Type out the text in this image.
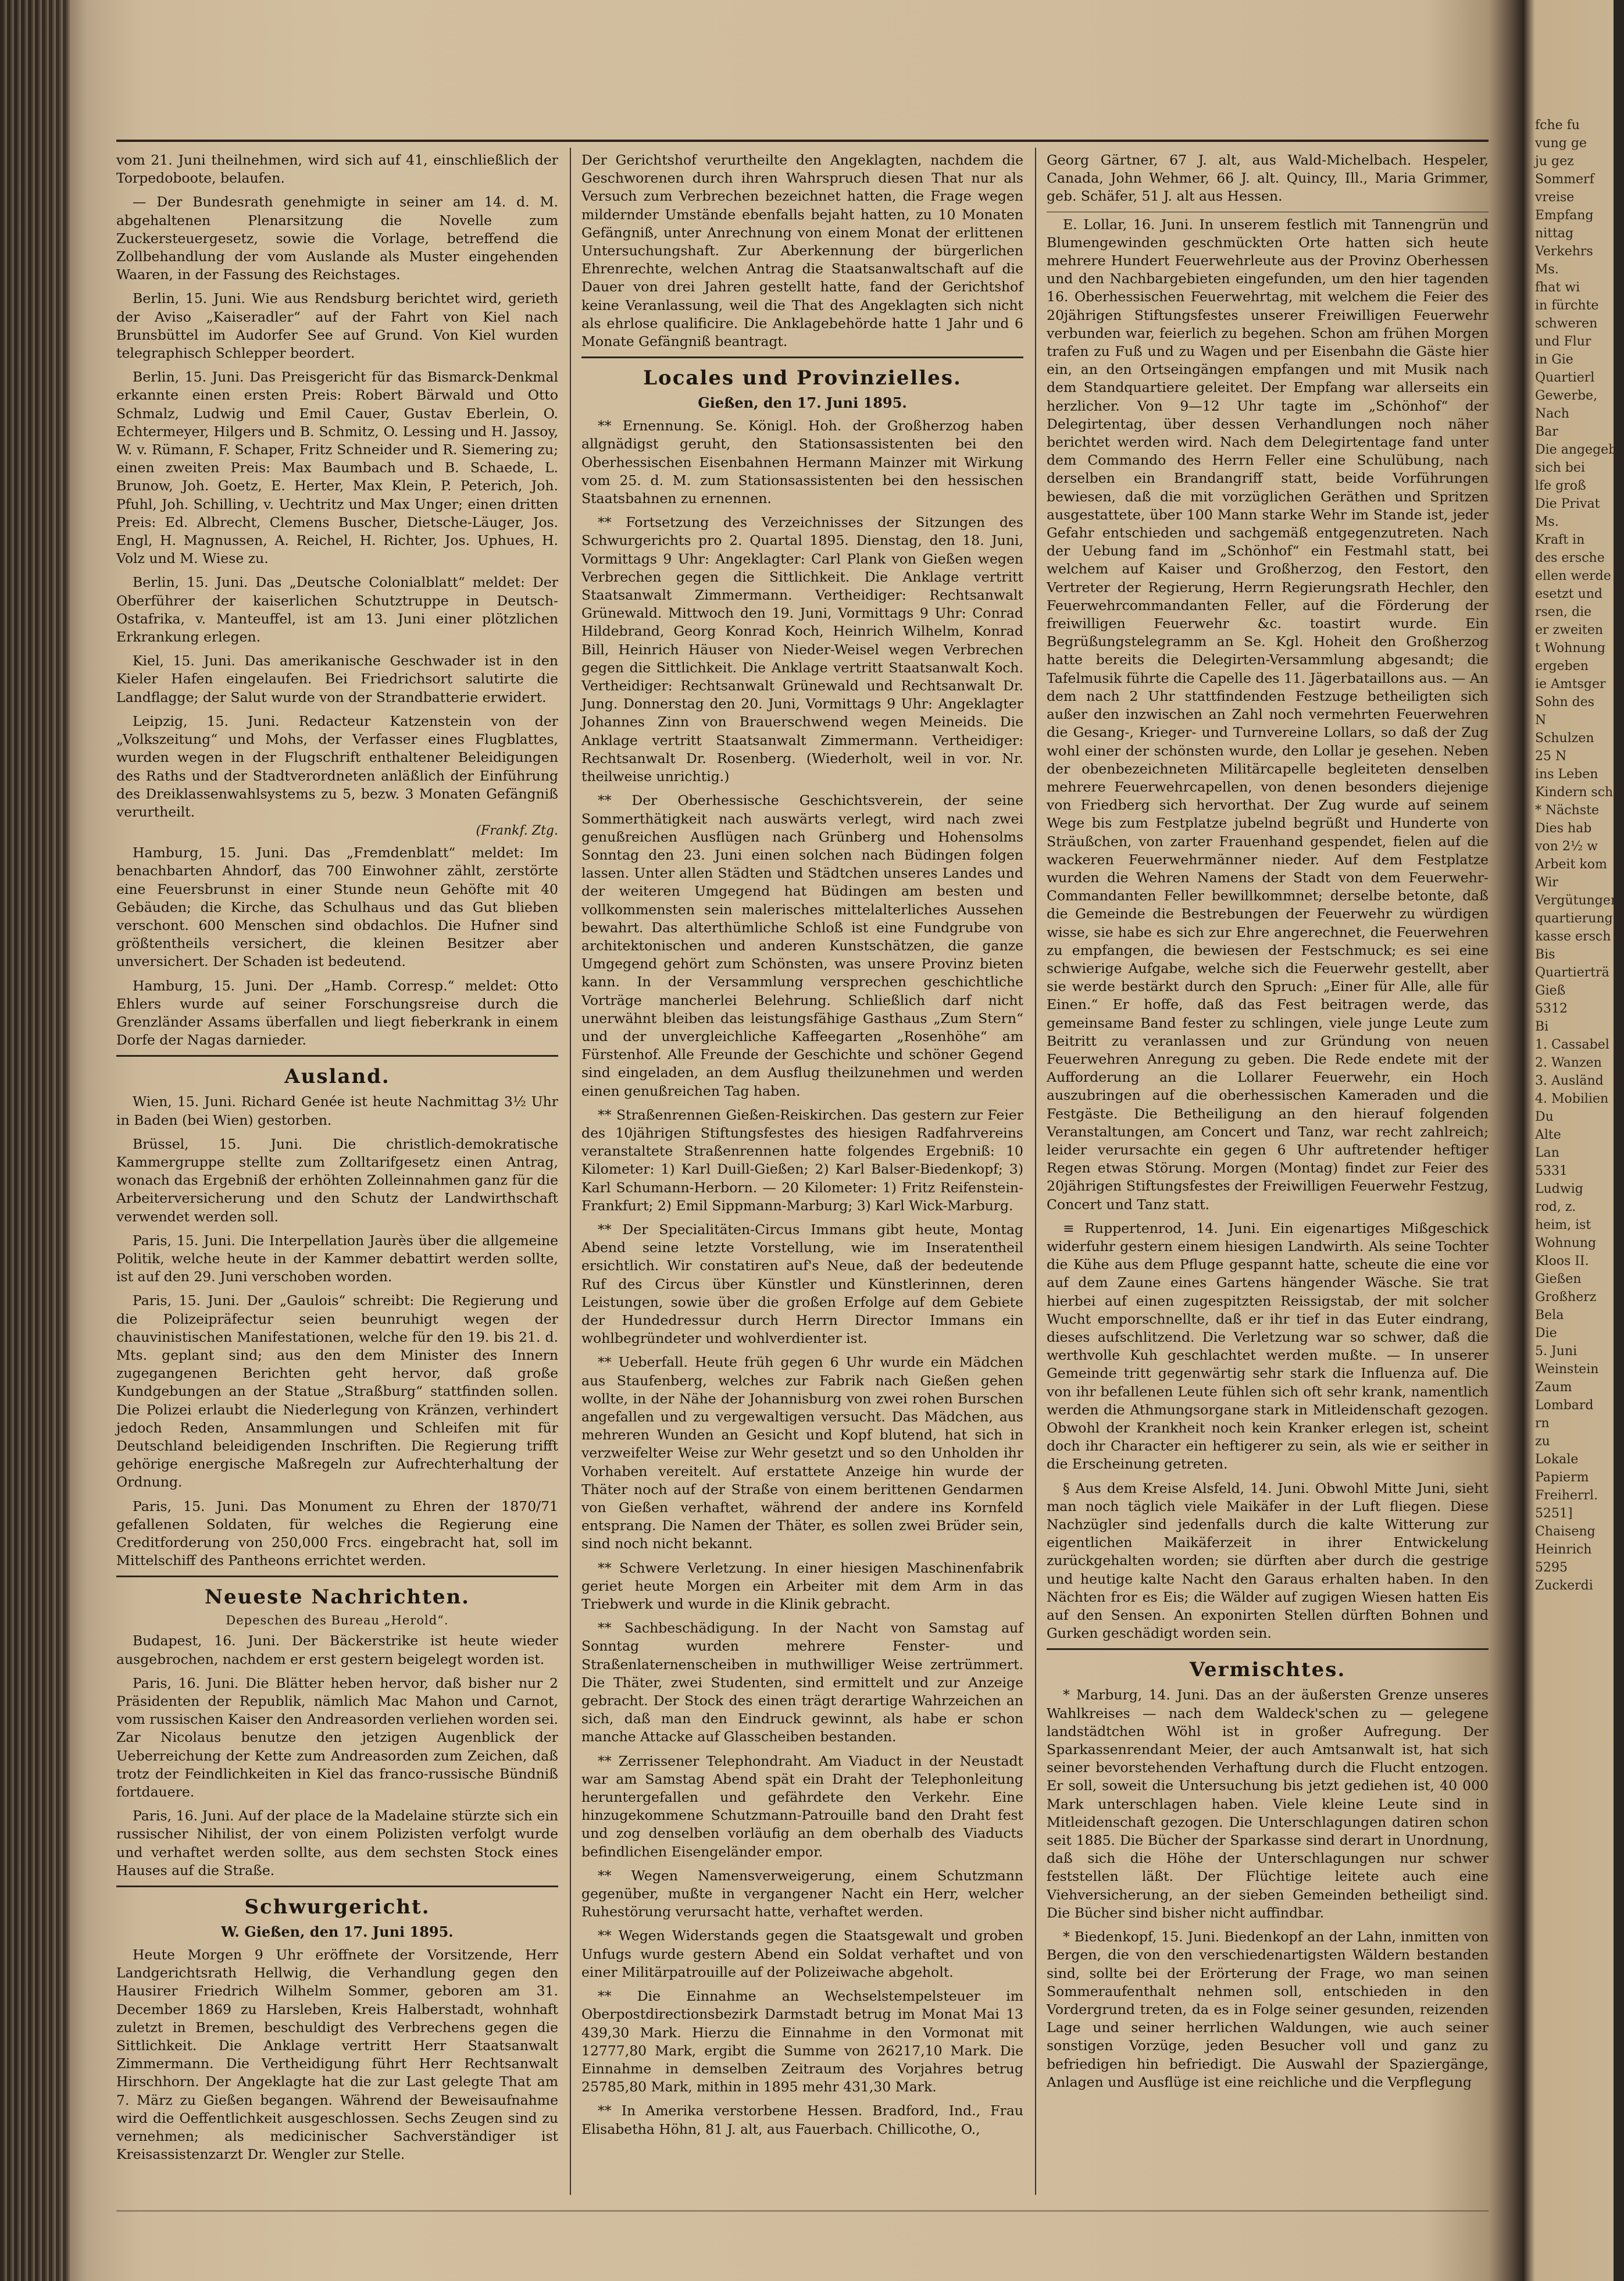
vom 21. Juni theilnehmen, wird sich auf 41, einschließlich der Torpedoboote, belaufen.

— Der Bundesrath genehmigte in seiner am 14. d. M. abgehaltenen Plenarsitzung die Novelle zum Zuckersteuergesetz, sowie die Vorlage, betreffend die Zollbehandlung der vom Auslande als Muster eingehenden Waaren, in der Fassung des Reichstages.

Berlin, 15. Juni. Wie aus Rendsburg berichtet wird, gerieth der Aviso „Kaiseradler“ auf der Fahrt von Kiel nach Brunsbüttel im Audorfer See auf Grund. Von Kiel wurden telegraphisch Schlepper beordert.

Berlin, 15. Juni. Das Preisgericht für das Bismarck-Denkmal erkannte einen ersten Preis: Robert Bärwald und Otto Schmalz, Ludwig und Emil Cauer, Gustav Eberlein, O. Echtermeyer, Hilgers und B. Schmitz, O. Lessing und H. Jassoy, W. v. Rümann, F. Schaper, Fritz Schneider und R. Siemering zu; einen zweiten Preis: Max Baumbach und B. Schaede, L. Brunow, Joh. Goetz, E. Herter, Max Klein, P. Peterich, Joh. Pfuhl, Joh. Schilling, v. Uechtritz und Max Unger; einen dritten Preis: Ed. Albrecht, Clemens Buscher, Dietsche-Läuger, Jos. Engl, H. Magnussen, A. Reichel, H. Richter, Jos. Uphues, H. Volz und M. Wiese zu.

Berlin, 15. Juni. Das „Deutsche Colonialblatt“ meldet: Der Oberführer der kaiserlichen Schutztruppe in Deutsch-Ostafrika, v. Manteuffel, ist am 13. Juni einer plötzlichen Erkrankung erlegen.

Kiel, 15. Juni. Das amerikanische Geschwader ist in den Kieler Hafen eingelaufen. Bei Friedrichsort salutirte die Landflagge; der Salut wurde von der Strandbatterie erwidert.

Leipzig, 15. Juni. Redacteur Katzenstein von der „Volkszeitung“ und Mohs, der Verfasser eines Flugblattes, wurden wegen in der Flugschrift enthaltener Beleidigungen des Raths und der Stadtverordneten anläßlich der Einführung des Dreiklassenwahlsystems zu 5, bezw. 3 Monaten Gefängniß verurtheilt.

(Frankf. Ztg.

Hamburg, 15. Juni. Das „Fremdenblatt“ meldet: Im benachbarten Ahndorf, das 700 Einwohner zählt, zerstörte eine Feuersbrunst in einer Stunde neun Gehöfte mit 40 Gebäuden; die Kirche, das Schulhaus und das Gut blieben verschont. 600 Menschen sind obdachlos. Die Hufner sind größtentheils versichert, die kleinen Besitzer aber unversichert. Der Schaden ist bedeutend.

Hamburg, 15. Juni. Der „Hamb. Corresp.“ meldet: Otto Ehlers wurde auf seiner Forschungsreise durch die Grenzländer Assams überfallen und liegt fieberkrank in einem Dorfe der Nagas darnieder.

Ausland.

Wien, 15. Juni. Richard Genée ist heute Nachmittag 3½ Uhr in Baden (bei Wien) gestorben.

Brüssel, 15. Juni. Die christlich-demokratische Kammergruppe stellte zum Zolltarifgesetz einen Antrag, wonach das Ergebniß der erhöhten Zolleinnahmen ganz für die Arbeiterversicherung und den Schutz der Landwirthschaft verwendet werden soll.

Paris, 15. Juni. Die Interpellation Jaurès über die allgemeine Politik, welche heute in der Kammer debattirt werden sollte, ist auf den 29. Juni verschoben worden.

Paris, 15. Juni. Der „Gaulois“ schreibt: Die Regierung und die Polizeipräfectur seien beunruhigt wegen der chauvinistischen Manifestationen, welche für den 19. bis 21. d. Mts. geplant sind; aus den dem Minister des Innern zugegangenen Berichten geht hervor, daß große Kundgebungen an der Statue „Straßburg“ stattfinden sollen. Die Polizei erlaubt die Niederlegung von Kränzen, verhindert jedoch Reden, Ansammlungen und Schleifen mit für Deutschland beleidigenden Inschriften. Die Regierung trifft gehörige energische Maßregeln zur Aufrechterhaltung der Ordnung.

Paris, 15. Juni. Das Monument zu Ehren der 1870/71 gefallenen Soldaten, für welches die Regierung eine Creditforderung von 250,000 Frcs. eingebracht hat, soll im Mittelschiff des Pantheons errichtet werden.

Neueste Nachrichten.
Depeschen des Bureau „Herold“.

Budapest, 16. Juni. Der Bäckerstrike ist heute wieder ausgebrochen, nachdem er erst gestern beigelegt worden ist.

Paris, 16. Juni. Die Blätter heben hervor, daß bisher nur 2 Präsidenten der Republik, nämlich Mac Mahon und Carnot, vom russischen Kaiser den Andreasorden verliehen worden sei. Zar Nicolaus benutze den jetzigen Augenblick der Ueberreichung der Kette zum Andreasorden zum Zeichen, daß trotz der Feindlichkeiten in Kiel das franco-russische Bündniß fortdauere.

Paris, 16. Juni. Auf der place de la Madelaine stürzte sich ein russischer Nihilist, der von einem Polizisten verfolgt wurde und verhaftet werden sollte, aus dem sechsten Stock eines Hauses auf die Straße.

Schwurgericht.
W. Gießen, den 17. Juni 1895.

Heute Morgen 9 Uhr eröffnete der Vorsitzende, Herr Landgerichtsrath Hellwig, die Verhandlung gegen den Hausirer Friedrich Wilhelm Sommer, geboren am 31. December 1869 zu Harsleben, Kreis Halberstadt, wohnhaft zuletzt in Bremen, beschuldigt des Verbrechens gegen die Sittlichkeit. Die Anklage vertritt Herr Staatsanwalt Zimmermann. Die Vertheidigung führt Herr Rechtsanwalt Hirschhorn. Der Angeklagte hat die zur Last gelegte That am 7. März zu Gießen begangen. Während der Beweisaufnahme wird die Oeffentlichkeit ausgeschlossen. Sechs Zeugen sind zu vernehmen; als medicinischer Sachverständiger ist Kreisassistenzarzt Dr. Wengler zur Stelle.

Der Gerichtshof verurtheilte den Angeklagten, nachdem die Geschworenen durch ihren Wahrspruch diesen That nur als Versuch zum Verbrechen bezeichnet hatten, die Frage wegen mildernder Umstände ebenfalls bejaht hatten, zu 10 Monaten Gefängniß, unter Anrechnung von einem Monat der erlittenen Untersuchungshaft. Zur Aberkennung der bürgerlichen Ehrenrechte, welchen Antrag die Staatsanwaltschaft auf die Dauer von drei Jahren gestellt hatte, fand der Gerichtshof keine Veranlassung, weil die That des Angeklagten sich nicht als ehrlose qualificire. Die Anklagebehörde hatte 1 Jahr und 6 Monate Gefängniß beantragt.

Locales und Provinzielles.
Gießen, den 17. Juni 1895.

** Ernennung. Se. Königl. Hoh. der Großherzog haben allgnädigst geruht, den Stationsassistenten bei den Oberhessischen Eisenbahnen Hermann Mainzer mit Wirkung vom 25. d. M. zum Stationsassistenten bei den hessischen Staatsbahnen zu ernennen.

** Fortsetzung des Verzeichnisses der Sitzungen des Schwurgerichts pro 2. Quartal 1895. Dienstag, den 18. Juni, Vormittags 9 Uhr: Angeklagter: Carl Plank von Gießen wegen Verbrechen gegen die Sittlichkeit. Die Anklage vertritt Staatsanwalt Zimmermann. Vertheidiger: Rechtsanwalt Grünewald. Mittwoch den 19. Juni, Vormittags 9 Uhr: Conrad Hildebrand, Georg Konrad Koch, Heinrich Wilhelm, Konrad Bill, Heinrich Häuser von Nieder-Weisel wegen Verbrechen gegen die Sittlichkeit. Die Anklage vertritt Staatsanwalt Koch. Vertheidiger: Rechtsanwalt Grünewald und Rechtsanwalt Dr. Jung. Donnerstag den 20. Juni, Vormittags 9 Uhr: Angeklagter Johannes Zinn von Brauerschwend wegen Meineids. Die Anklage vertritt Staatsanwalt Zimmermann. Vertheidiger: Rechtsanwalt Dr. Rosenberg. (Wiederholt, weil in vor. Nr. theilweise unrichtig.)

** Der Oberhessische Geschichtsverein, der seine Sommerthätigkeit nach auswärts verlegt, wird nach zwei genußreichen Ausflügen nach Grünberg und Hohensolms Sonntag den 23. Juni einen solchen nach Büdingen folgen lassen. Unter allen Städten und Städtchen unseres Landes und der weiteren Umgegend hat Büdingen am besten und vollkommensten sein malerisches mittelalterliches Aussehen bewahrt. Das alterthümliche Schloß ist eine Fundgrube von architektonischen und anderen Kunstschätzen, die ganze Umgegend gehört zum Schönsten, was unsere Provinz bieten kann. In der Versammlung versprechen geschichtliche Vorträge mancherlei Belehrung. Schließlich darf nicht unerwähnt bleiben das leistungsfähige Gasthaus „Zum Stern“ und der unvergleichliche Kaffeegarten „Rosenhöhe“ am Fürstenhof. Alle Freunde der Geschichte und schöner Gegend sind eingeladen, an dem Ausflug theilzunehmen und werden einen genußreichen Tag haben.

** Straßenrennen Gießen-Reiskirchen. Das gestern zur Feier des 10jährigen Stiftungsfestes des hiesigen Radfahrvereins veranstaltete Straßenrennen hatte folgendes Ergebniß: 10 Kilometer: 1) Karl Duill-Gießen; 2) Karl Balser-Biedenkopf; 3) Karl Schumann-Herborn. — 20 Kilometer: 1) Fritz Reifenstein-Frankfurt; 2) Emil Sippmann-Marburg; 3) Karl Wick-Marburg.

** Der Specialitäten-Circus Immans gibt heute, Montag Abend seine letzte Vorstellung, wie im Inseratentheil ersichtlich. Wir constatiren auf's Neue, daß der bedeutende Ruf des Circus über Künstler und Künstlerinnen, deren Leistungen, sowie über die großen Erfolge auf dem Gebiete der Hundedressur durch Herrn Director Immans ein wohlbegründeter und wohlverdienter ist.

** Ueberfall. Heute früh gegen 6 Uhr wurde ein Mädchen aus Staufenberg, welches zur Fabrik nach Gießen gehen wollte, in der Nähe der Johannisburg von zwei rohen Burschen angefallen und zu vergewaltigen versucht. Das Mädchen, aus mehreren Wunden an Gesicht und Kopf blutend, hat sich in verzweifelter Weise zur Wehr gesetzt und so den Unholden ihr Vorhaben vereitelt. Auf erstattete Anzeige hin wurde der Thäter noch auf der Straße von einem berittenen Gendarmen von Gießen verhaftet, während der andere ins Kornfeld entsprang. Die Namen der Thäter, es sollen zwei Brüder sein, sind noch nicht bekannt.

** Schwere Verletzung. In einer hiesigen Maschinenfabrik geriet heute Morgen ein Arbeiter mit dem Arm in das Triebwerk und wurde in die Klinik gebracht.

** Sachbeschädigung. In der Nacht von Samstag auf Sonntag wurden mehrere Fenster- und Straßenlaternenscheiben in muthwilliger Weise zertrümmert. Die Thäter, zwei Studenten, sind ermittelt und zur Anzeige gebracht. Der Stock des einen trägt derartige Wahrzeichen an sich, daß man den Eindruck gewinnt, als habe er schon manche Attacke auf Glasscheiben bestanden.

** Zerrissener Telephondraht. Am Viaduct in der Neustadt war am Samstag Abend spät ein Draht der Telephonleitung heruntergefallen und gefährdete den Verkehr. Eine hinzugekommene Schutzmann-Patrouille band den Draht fest und zog denselben vorläufig an dem oberhalb des Viaducts befindlichen Eisengeländer empor.

** Wegen Namensverweigerung, einem Schutzmann gegenüber, mußte in vergangener Nacht ein Herr, welcher Ruhestörung verursacht hatte, verhaftet werden.

** Wegen Widerstands gegen die Staatsgewalt und groben Unfugs wurde gestern Abend ein Soldat verhaftet und von einer Militärpatrouille auf der Polizeiwache abgeholt.

** Die Einnahme an Wechselstempelsteuer im Oberpostdirectionsbezirk Darmstadt betrug im Monat Mai 13 439,30 Mark. Hierzu die Einnahme in den Vormonat mit 12777,80 Mark, ergibt die Summe von 26217,10 Mark. Die Einnahme in demselben Zeitraum des Vorjahres betrug 25785,80 Mark, mithin in 1895 mehr 431,30 Mark.

** In Amerika verstorbene Hessen. Bradford, Ind., Frau Elisabetha Höhn, 81 J. alt, aus Fauerbach. Chillicothe, O.,

Georg Gärtner, 67 J. alt, aus Wald-Michelbach. Hespeler, Canada, John Wehmer, 66 J. alt. Quincy, Ill., Maria Grimmer, geb. Schäfer, 51 J. alt aus Hessen.

E. Lollar, 16. Juni. In unserem festlich mit Tannengrün und Blumengewinden geschmückten Orte hatten sich heute mehrere Hundert Feuerwehrleute aus der Provinz Oberhessen und den Nachbargebieten eingefunden, um den hier tagenden 16. Oberhessischen Feuerwehrtag, mit welchem die Feier des 20jährigen Stiftungsfestes unserer Freiwilligen Feuerwehr verbunden war, feierlich zu begehen. Schon am frühen Morgen trafen zu Fuß und zu Wagen und per Eisenbahn die Gäste hier ein, an den Ortseingängen empfangen und mit Musik nach dem Standquartiere geleitet. Der Empfang war allerseits ein herzlicher. Von 9—12 Uhr tagte im „Schönhof“ der Delegirtentag, über dessen Verhandlungen noch näher berichtet werden wird. Nach dem Delegirtentage fand unter dem Commando des Herrn Feller eine Schulübung, nach derselben ein Brandangriff statt, beide Vorführungen bewiesen, daß die mit vorzüglichen Geräthen und Spritzen ausgestattete, über 100 Mann starke Wehr im Stande ist, jeder Gefahr entschieden und sachgemäß entgegenzutreten. Nach der Uebung fand im „Schönhof“ ein Festmahl statt, bei welchem auf Kaiser und Großherzog, den Festort, den Vertreter der Regierung, Herrn Regierungsrath Hechler, den Feuerwehrcommandanten Feller, auf die Förderung der freiwilligen Feuerwehr &c. toastirt wurde. Ein Begrüßungstelegramm an Se. Kgl. Hoheit den Großherzog hatte bereits die Delegirten-Versammlung abgesandt; die Tafelmusik führte die Capelle des 11. Jägerbataillons aus. — An dem nach 2 Uhr stattfindenden Festzuge betheiligten sich außer den inzwischen an Zahl noch vermehrten Feuerwehren die Gesang-, Krieger- und Turnvereine Lollars, so daß der Zug wohl einer der schönsten wurde, den Lollar je gesehen. Neben der obenbezeichneten Militärcapelle begleiteten denselben mehrere Feuerwehrcapellen, von denen besonders diejenige von Friedberg sich hervorthat. Der Zug wurde auf seinem Wege bis zum Festplatze jubelnd begrüßt und Hunderte von Sträußchen, von zarter Frauenhand gespendet, fielen auf die wackeren Feuerwehrmänner nieder. Auf dem Festplatze wurden die Wehren Namens der Stadt von dem Feuerwehr-Commandanten Feller bewillkommnet; derselbe betonte, daß die Gemeinde die Bestrebungen der Feuerwehr zu würdigen wisse, sie habe es sich zur Ehre angerechnet, die Feuerwehren zu empfangen, die bewiesen der Festschmuck; es sei eine schwierige Aufgabe, welche sich die Feuerwehr gestellt, aber sie werde bestärkt durch den Spruch: „Einer für Alle, alle für Einen.“ Er hoffe, daß das Fest beitragen werde, das gemeinsame Band fester zu schlingen, viele junge Leute zum Beitritt zu veranlassen und zur Gründung von neuen Feuerwehren Anregung zu geben. Die Rede endete mit der Aufforderung an die Lollarer Feuerwehr, ein Hoch auszubringen auf die oberhessischen Kameraden und die Festgäste. Die Betheiligung an den hierauf folgenden Veranstaltungen, am Concert und Tanz, war recht zahlreich; leider verursachte ein gegen 6 Uhr auftretender heftiger Regen etwas Störung. Morgen (Montag) findet zur Feier des 20jährigen Stiftungsfestes der Freiwilligen Feuerwehr Festzug, Concert und Tanz statt.

≡ Ruppertenrod, 14. Juni. Ein eigenartiges Mißgeschick widerfuhr gestern einem hiesigen Landwirth. Als seine Tochter die Kühe aus dem Pfluge gespannt hatte, scheute die eine vor auf dem Zaune eines Gartens hängender Wäsche. Sie trat hierbei auf einen zugespitzten Reissigstab, der mit solcher Wucht emporschnellte, daß er ihr tief in das Euter eindrang, dieses aufschlitzend. Die Verletzung war so schwer, daß die werthvolle Kuh geschlachtet werden mußte. — In unserer Gemeinde tritt gegenwärtig sehr stark die Influenza auf. Die von ihr befallenen Leute fühlen sich oft sehr krank, namentlich werden die Athmungsorgane stark in Mitleidenschaft gezogen. Obwohl der Krankheit noch kein Kranker erlegen ist, scheint doch ihr Character ein heftigerer zu sein, als wie er seither in die Erscheinung getreten.

§ Aus dem Kreise Alsfeld, 14. Juni. Obwohl Mitte Juni, sieht man noch täglich viele Maikäfer in der Luft fliegen. Diese Nachzügler sind jedenfalls durch die kalte Witterung zur eigentlichen Maikäferzeit in ihrer Entwickelung zurückgehalten worden; sie dürften aber durch die gestrige und heutige kalte Nacht den Garaus erhalten haben. In den Nächten fror es Eis; die Wälder auf zugigen Wiesen hatten Eis auf den Sensen. An exponirten Stellen dürften Bohnen und Gurken geschädigt worden sein.

Vermischtes.

* Marburg, 14. Juni. Das an der äußersten Grenze unseres Wahlkreises — nach dem Waldeck'schen zu — gelegene landstädtchen Wöhl ist in großer Aufregung. Der Sparkassenrendant Meier, der auch Amtsanwalt ist, hat sich seiner bevorstehenden Verhaftung durch die Flucht entzogen. Er soll, soweit die Untersuchung bis jetzt gediehen ist, 40 000 Mark unterschlagen haben. Viele kleine Leute sind in Mitleidenschaft gezogen. Die Unterschlagungen datiren schon seit 1885. Die Bücher der Sparkasse sind derart in Unordnung, daß sich die Höhe der Unterschlagungen nur schwer feststellen läßt. Der Flüchtige leitete auch eine Viehversicherung, an der sieben Gemeinden betheiligt sind. Die Bücher sind bisher nicht auffindbar.

* Biedenkopf, 15. Juni. Biedenkopf an der Lahn, inmitten von Bergen, die von den verschiedenartigsten Wäldern bestanden sind, sollte bei der Erörterung der Frage, wo man seinen Sommeraufenthalt nehmen soll, entschieden in den Vordergrund treten, da es in Folge seiner gesunden, reizenden Lage und seiner herrlichen Waldungen, wie auch seiner sonstigen Vorzüge, jeden Besucher voll und ganz zu befriedigen hin befriedigt. Die Auswahl der Spaziergänge, Anlagen und Ausflüge ist eine reichliche und die Verpflegung

fche fu
vung ge
ju gez
Sommerf
vreise
Empfang
nittag
Verkehrs
Ms.
fhat wi
in fürchte
schweren
und Flur
in Gie
Quartierl
Gewerbe,
Nach
Bar
Die angegebe
sich bei
lfe groß
Die Privat
Ms.
Kraft in
des ersche
ellen werde
esetzt und
rsen, die
er zweiten
t Wohnung
ergeben
ie Amtsger
Sohn des
N
Schulzen
25 N
ins Leben
Kindern sch
* Nächste
Dies hab
von 2½ w
Arbeit kom
Wir
Vergütungen
quartierung
kasse ersch
Bis
Quartierträ
Gieß
5312
Bi
1. Cassabel
2. Wanzen
3. Ausländ
4. Mobilien
Du
Alte
Lan
5331
Ludwig
rod, z.
heim, ist
Wohnung
Kloos II.
Gießen
Großherz
Bela
Die
5. Juni
Weinstein
Zaum
Lombard
rn
zu
Lokale
Papierm
Freiherrl.
5251]
Chaiseng
Heinrich
5295
Zuckerdi
